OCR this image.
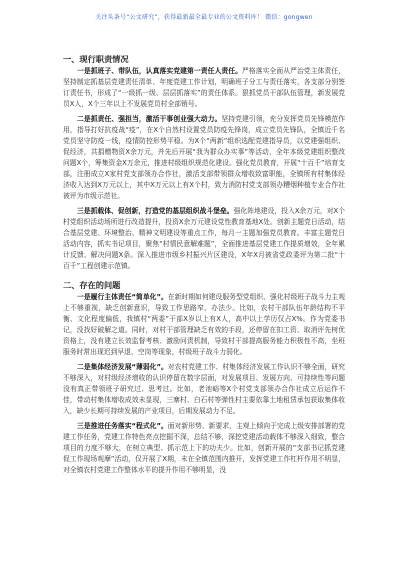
关注头条号“公文研究”，获得最新最全最专业的公文资料库！ 微信：gongwen
一、现行职责情况

一是抓班子、带队伍，认真落实党建第一责任人责任。严格落实全面从严治党主体责任，坚持制定抓基层党建责任清单、年度党建工作计划，明确班子分工与责任落实，各支部分别签订责任书，形成了“一级抓一级、层层抓落实”的责任体系。狠抓党员干部队伍管理，新发展党员X人，X个三年以上不发展党员村全部销号。

二是抓责任、强担当，激活干事创业强大动力。坚持党建引领，充分发挥党员先锋模范作用，指导打好抗疫战“疫”，在X个自然村设置党员防疫先锋岗，成立党员先锋队，全镇近千名党员坚守防疫一线，疫情防控形势平稳。为X个“两新”组织选配党建指导员，以党建强组织、促经济，共捐赠物资X余万元，并先后开展“我为群众办实事”等活动，全年本级党建组织整改问题X个，筹集资金X万余元，推进村级组织规范化建设。强化党员教育，开展“十百千”培育支部，注册成立X家村党支部领办合作社，激活支部带领群众增收致富职能，全镇所有村集体经济收入达到X万元以上，其中X万元以上有X个村，致力消防村党支部领办糟烟种植专业合作社被评为市级示范社。

三是抓载体、促创新，打造党的基层组织战斗堡垒。强化阵地建设，投入X余万元，对X个村党组织活动场所进行改造提升，投资X余万元建设党性教育基地X处。创新主题党日活动，结合基层党建、环境整治、精神文明建设等重点工作，每月一主题加强党员教育。丰富主题党日活动内容，抓实书记项目，聚焦“村情民意解难题”，全面推进基层党建工作提质增效，全年累计反馈、解决问题X条。深入推进市级乡村振兴片区建设，X年X月被省党政委评为第二批“十百千”工程创建示范镇。

二、存在的问题

一是履行主体责任“简单化”。在新时期如何建设服务型党组织、强化村级班子战斗力主观上不够重视，缺乏创新意识，导致工作思路窄、办法少。比如，农村干部队伍年龄结构不平衡、文化程度偏低，我镇村“两委”干部X岁以上有X人，高中以上学历仅占X%。作为党委书记，没找好破解之道。同时，对村干部管理缺乏有效的手段，还停留在扣工资、取消评先树优资格上，没有建立长效监督考核、激励问责机制，导致村干部提高服务能力积极性不高，坐班服务时常出现迟到早退、空岗等现象，村级班子战斗力弱化。

二是集体经济发展“薄弱化”。对农村党建工作、村集体经济发展工作认识不够全面，研究不够深入，对村级经济增收的认识停留在数字层面，对发展项目、发展方向、可持续性等问题没有真正带领班子研究过、思考过。比如，老池峪等X个村党支部领办合作社成立后运作不佳，带动村集体增收成效未显现，三寨村、白石村等弹性村主要依靠土地租赁承包获取集体收入，缺少长期可持续发展的产业项目，后期发展动力不足。

三是推进任务落实“程式化”。面对新形势、新要求，主观上倾向于完成上级安排部署的党建工作任务，党建工作特色亮点挖掘不深，总结不够，深挖党建活动载体不够深入细致，整合项目的力度不够大，在树立典型、抓示范上下的功夫少。比如，创新开展的“支部书记抓党建促工作现场观摩”活动，仅开展了X期，未在全镇范围内推开，发挥党建工作杠杆作用不明显，对全镇农村党建工作整体水平的提升作用不够明显，没
